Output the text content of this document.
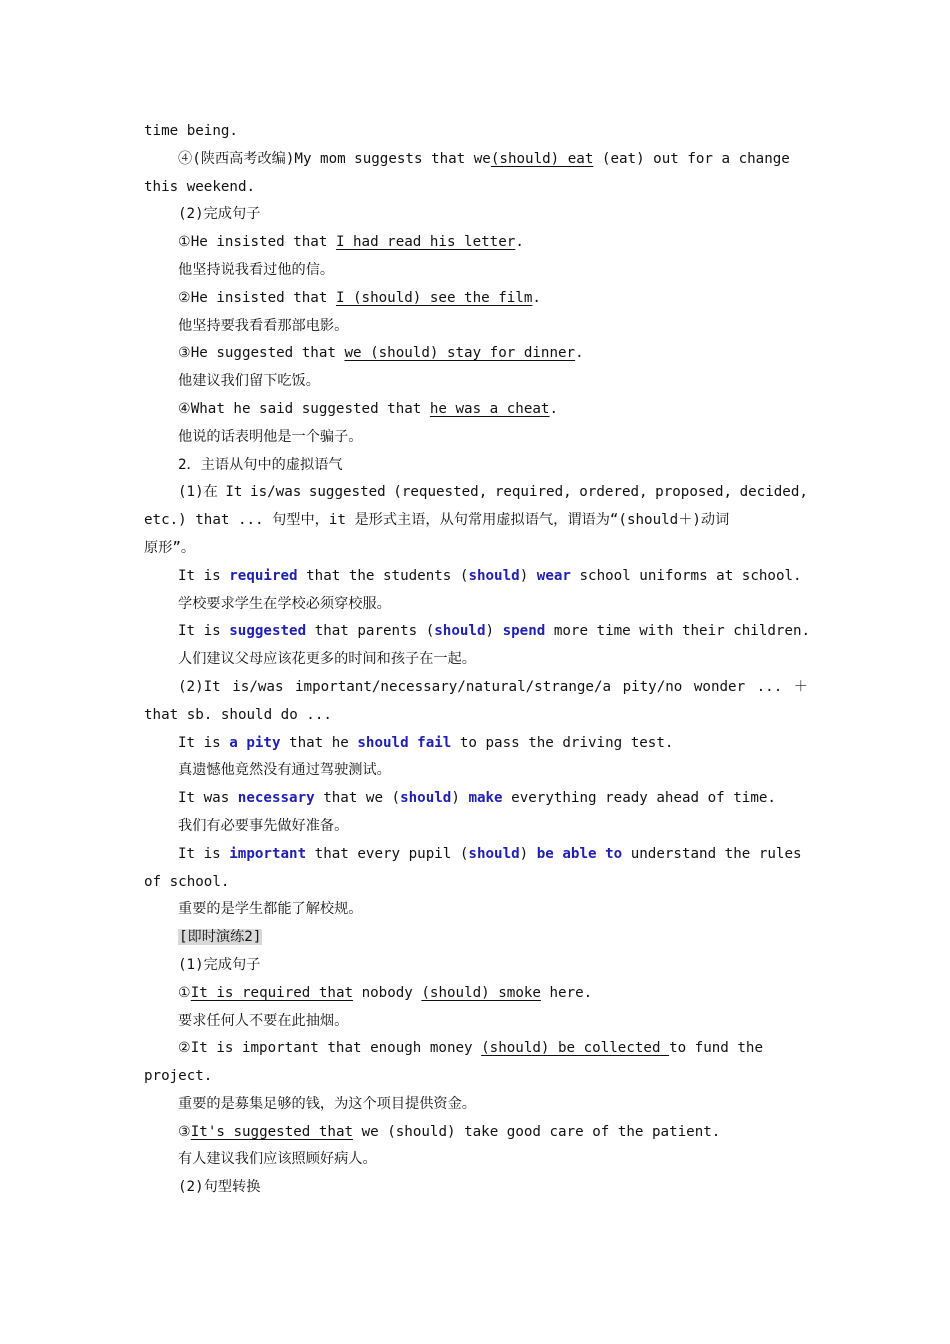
time being.
④(陕西高考改编)My mom suggests that we(should) eat (eat) out for a change
this weekend.
(2)完成句子
①He insisted that I had read his letter.
他坚持说我看过他的信。
②He insisted that I (should) see the film.
他坚持要我看看那部电影。
③He suggested that we (should) stay for dinner.
他建议我们留下吃饭。
④What he said suggested that he was a cheat.
他说的话表明他是一个骗子。
2．主语从句中的虚拟语气
(1)在 It is/was suggested (requested, required, ordered, proposed, decided,
etc.) that ... 句型中，it 是形式主语，从句常用虚拟语气，谓语为“(should＋)动词
原形”。
It is required that the students (should) wear school uniforms at school.
学校要求学生在学校必须穿校服。
It is suggested that parents (should) spend more time with their children.
人们建议父母应该花更多的时间和孩子在一起。
(2)It is/was important/necessary/natural/strange/a pity/no wonder ... ＋
that sb. should do ...
It is a pity that he should fail to pass the driving test.
真遗憾他竟然没有通过驾驶测试。
It was necessary that we (should) make everything ready ahead of time.
我们有必要事先做好准备。
It is important that every pupil (should) be able to understand the rules
of school.
重要的是学生都能了解校规。
[即时演练2]
(1)完成句子
①It is required that nobody (should) smoke here.
要求任何人不要在此抽烟。
②It is important that enough money (should) be collected to fund the
project.
重要的是募集足够的钱，为这个项目提供资金。
③It's suggested that we (should) take good care of the patient.
有人建议我们应该照顾好病人。
(2)句型转换
